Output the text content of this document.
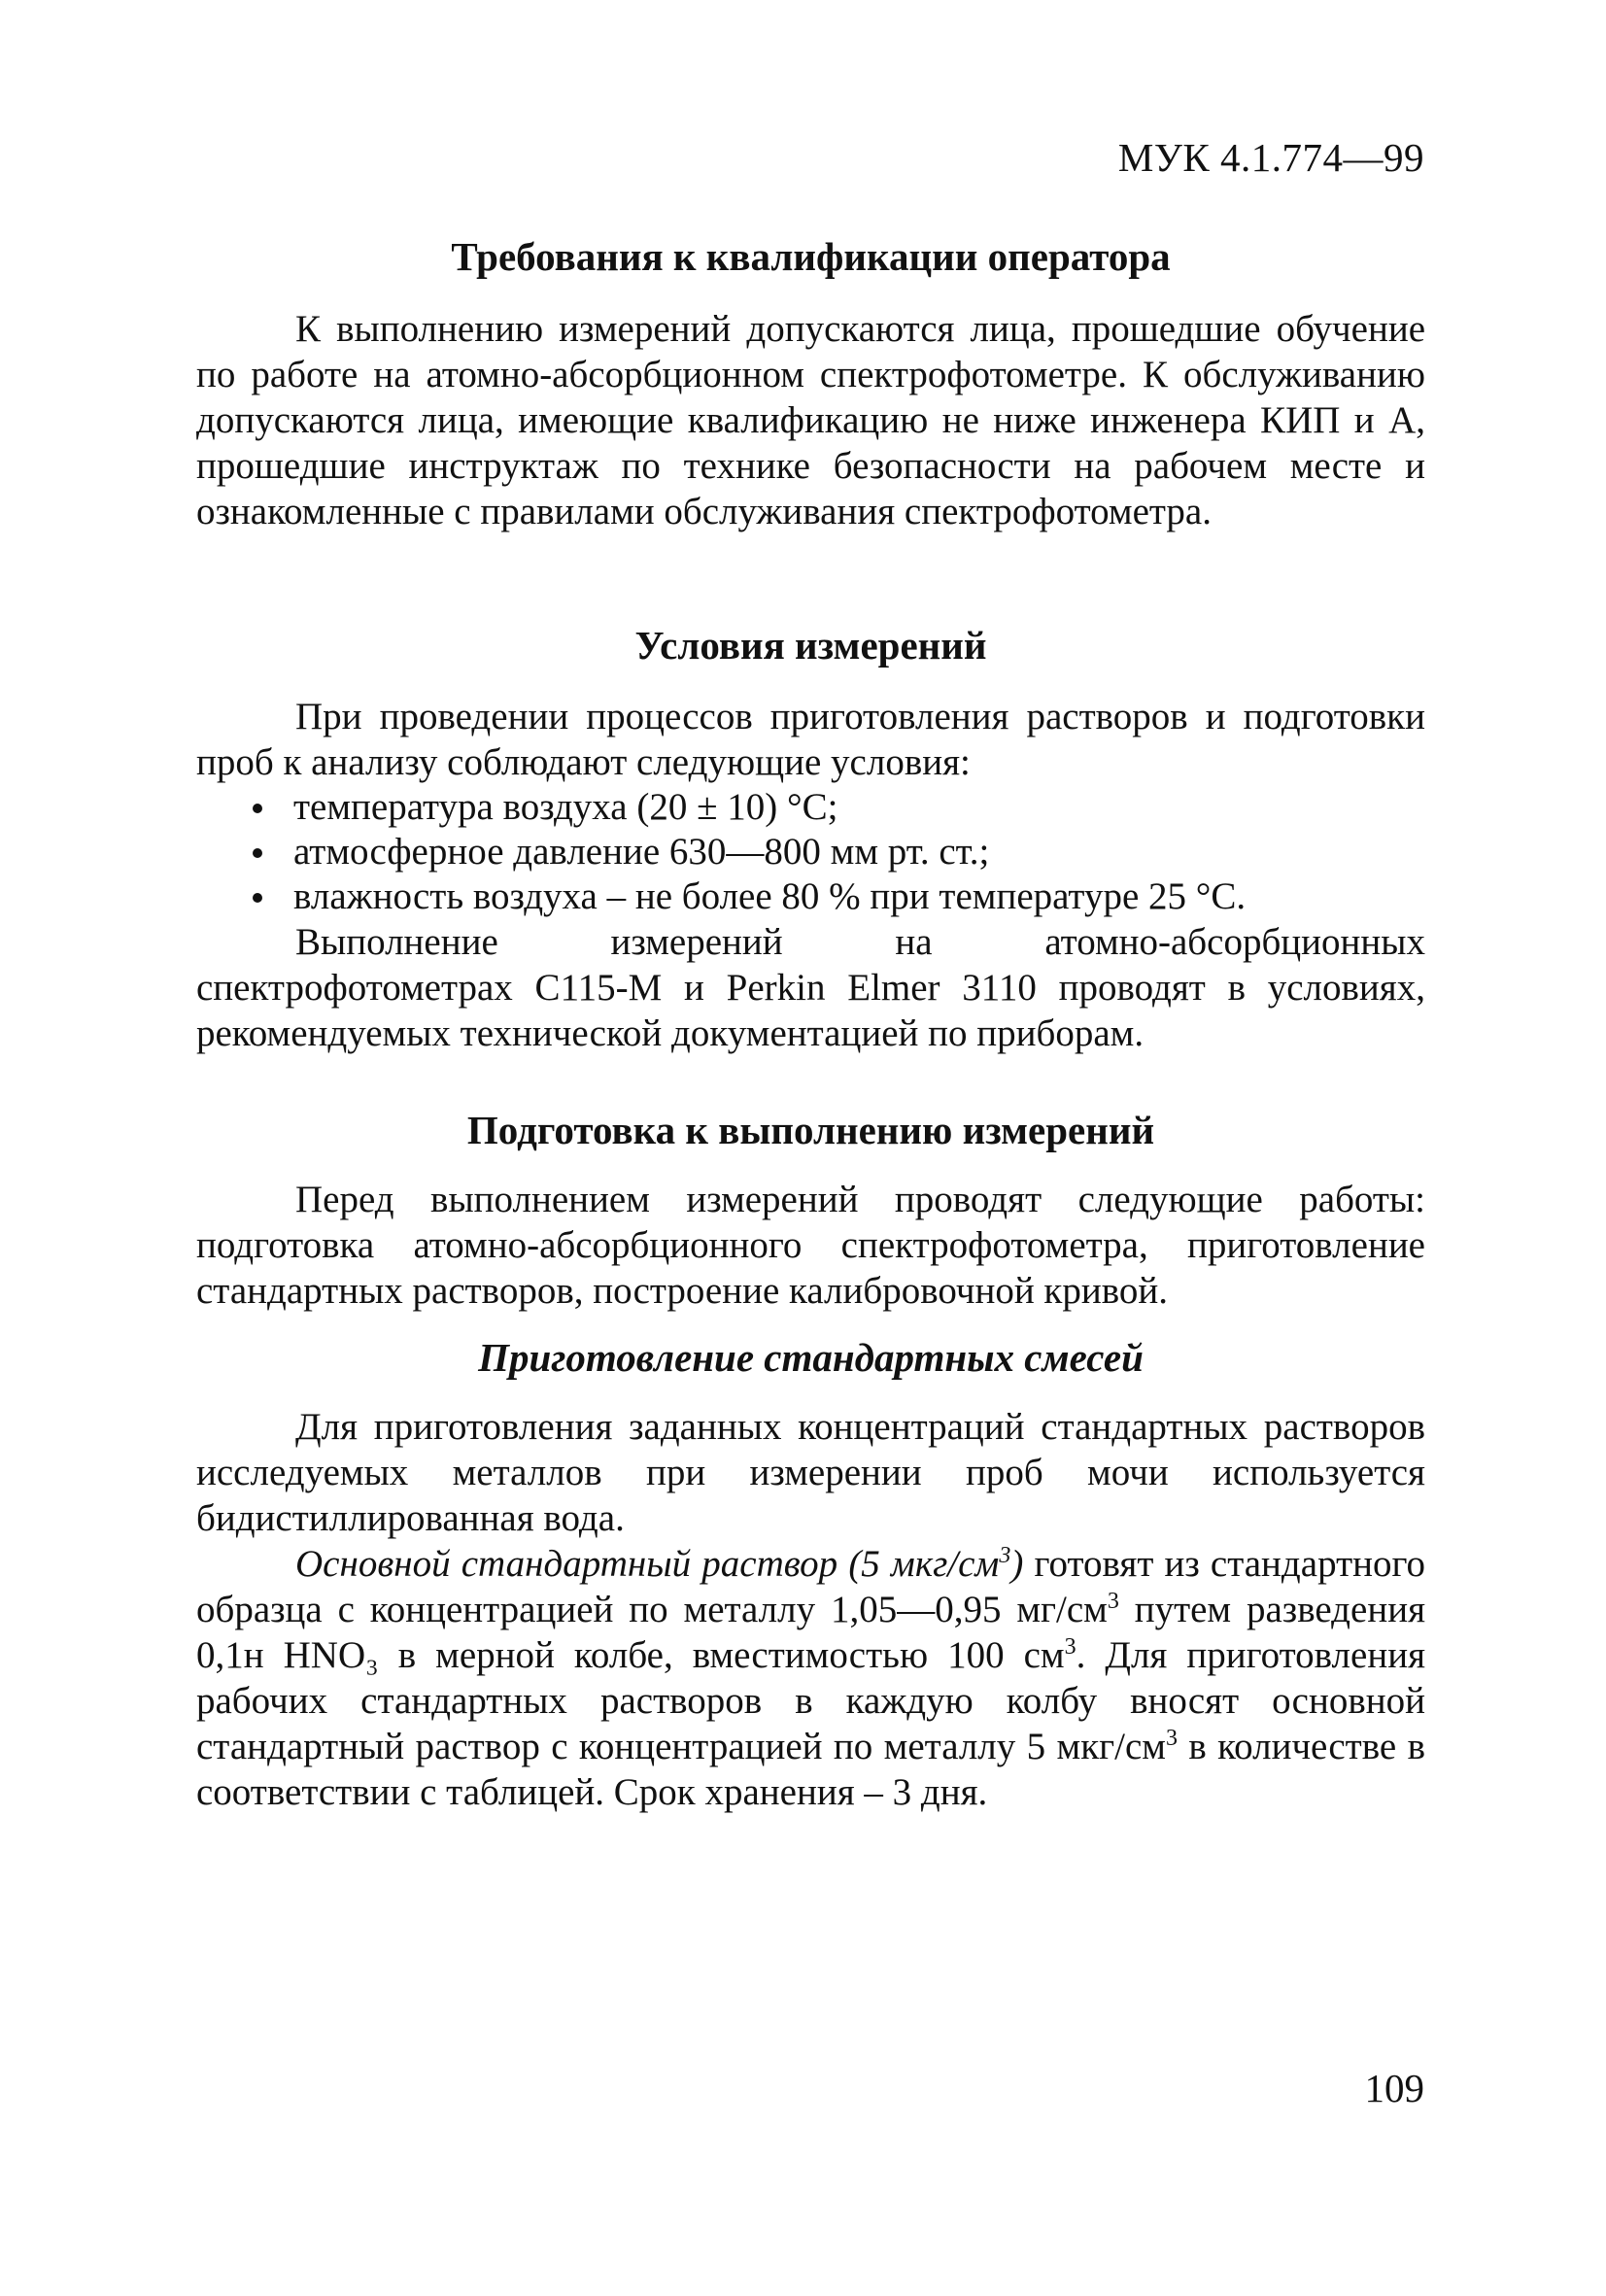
МУК 4.1.774—99
Требования к квалификации оператора

К выполнению измерений допускаются лица, прошедшие обучение по работе на атомно-абсорбционном спектрофотометре. К обслуживанию допускаются лица, имеющие квалификацию не ниже инженера КИП и А, прошедшие инструктаж по технике безопасности на рабочем месте и ознакомленные с правилами обслуживания спектрофотометра.

Условия измерений

При проведении процессов приготовления растворов и подготовки проб к анализу соблюдают следующие условия:

температура воздуха (20 ± 10) °С;
атмосферное давление 630—800 мм рт. ст.;
влажность воздуха – не более 80 % при температуре 25 °С.

Выполнение измерений на атомно-абсорбционных спектрофотометрах С115-М и Perkin Elmer 3110 проводят в условиях, рекомендуемых технической документацией по приборам.

Подготовка к выполнению измерений

Перед выполнением измерений проводят следующие работы: подготовка атомно-абсорбционного спектрофотометра, приготовление стандартных растворов, построение калибровочной кривой.

Приготовление стандартных смесей

Для приготовления заданных концентраций стандартных растворов исследуемых металлов при измерении проб мочи используется бидистиллированная вода.

Основной стандартный раствор (5 мкг/$см^3$) готовят из стандартного образца с концентрацией по металлу 1,05—0,95 $мг/см^3$ путем разведения 0,1н HNO₃ в мерной колбе, вместимостью 100 $см^3$. Для приготовления рабочих стандартных растворов в каждую колбу вносят основной стандартный раствор с концентрацией по металлу 5 мкг/$см^3$ в количестве в соответствии с таблицей. Срок хранения – 3 дня.

109
